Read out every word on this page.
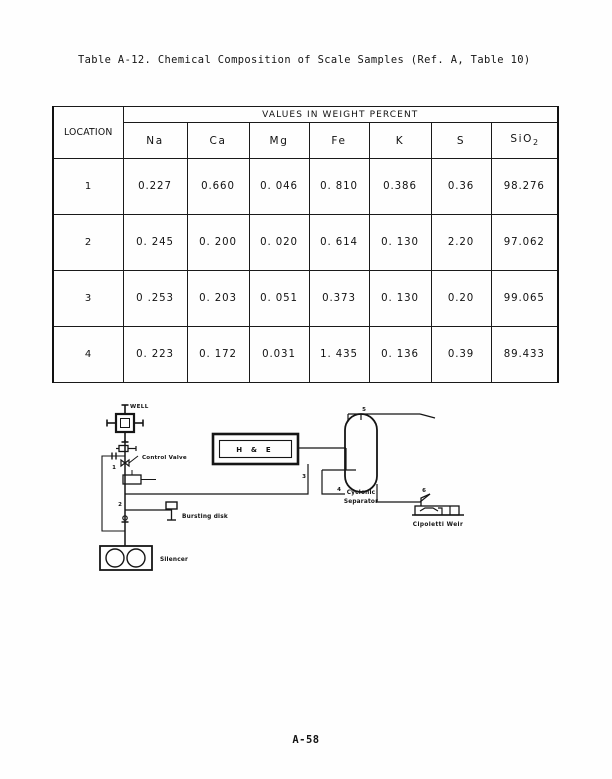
Table A-12. Chemical Composition of Scale Samples (Ref. A, Table 10)
LOCATION	VALUES IN WEIGHT PERCENT						
	Na	Ca	Mg	Fe	K	S	SiO$_2$
1	0.227	0.660	0. 046	0. 810	0.386	0.36	98.276
2	0. 245	0. 200	0. 020	0. 614	0. 130	2.20	97.062
3	0 .253	0. 203	0. 051	0.373	0. 130	0.20	99.065
4	0. 223	0. 172	0.031	1. 435	0. 136	0.39	89.433
1
2
3
4
5
6
WELL
Control Valve
Bursting disk
Silencer
H & E
Cyclonic
Separator
Cipoletti Weir
A-58
